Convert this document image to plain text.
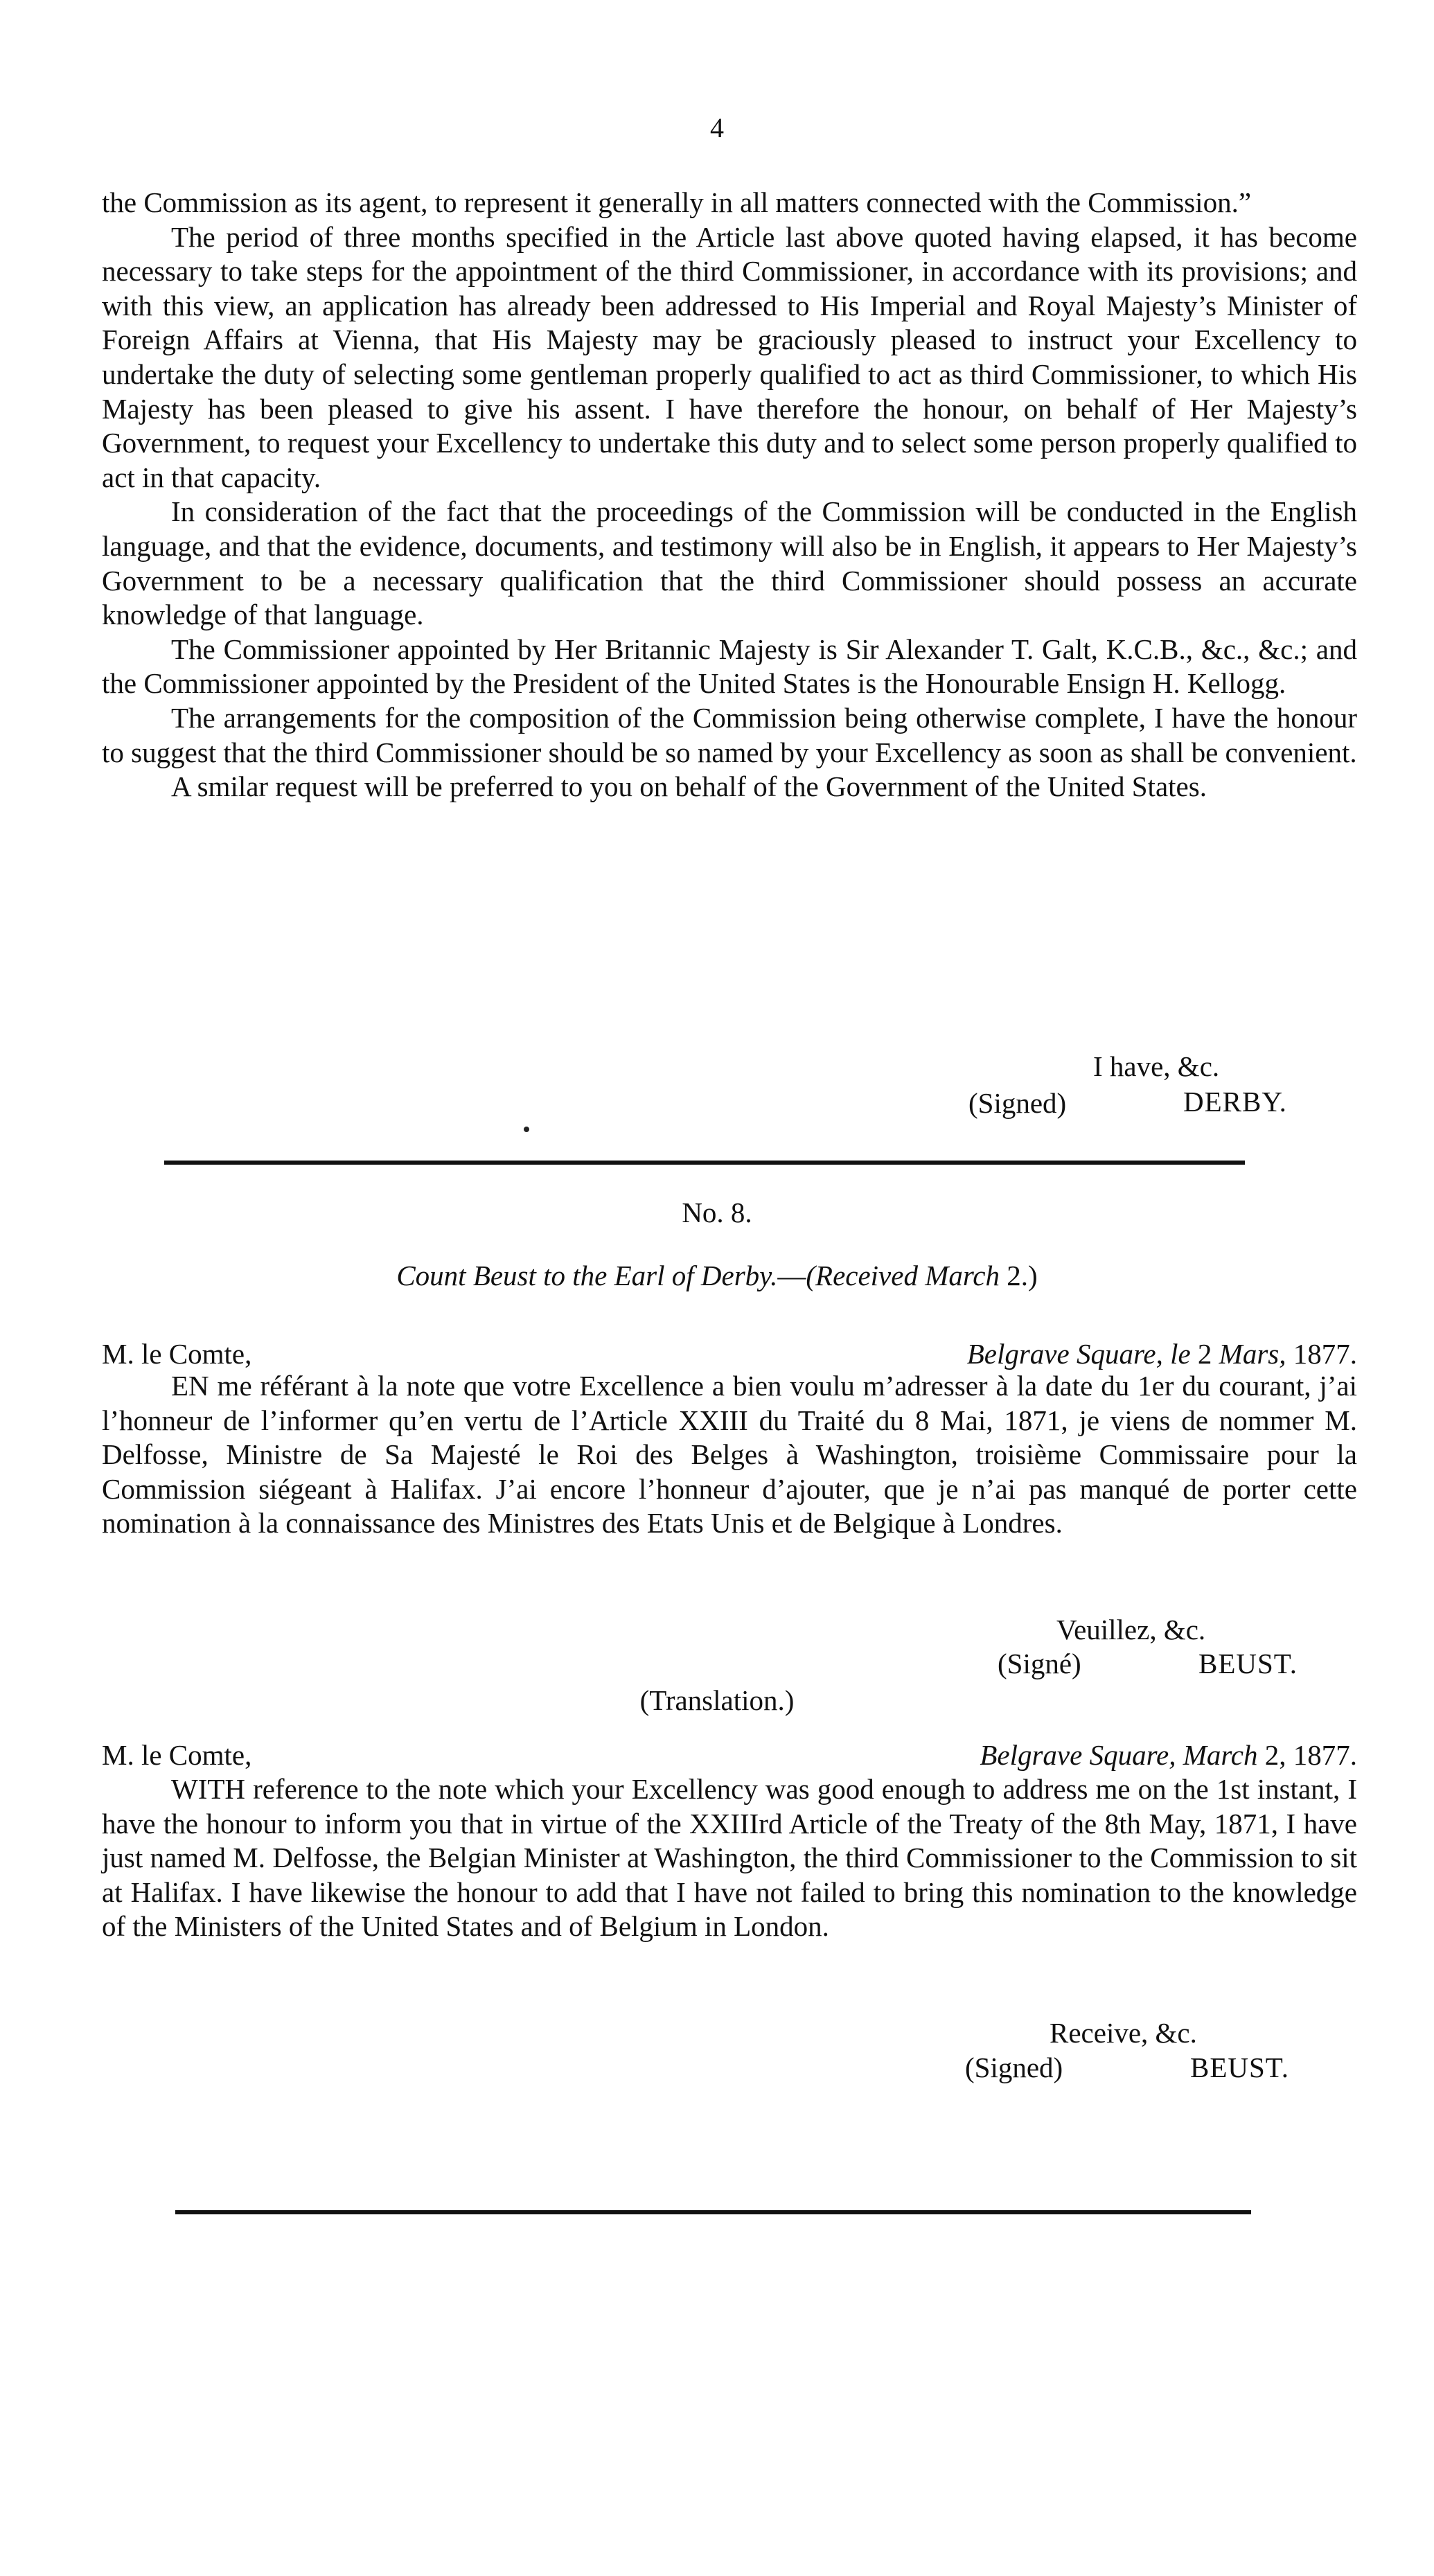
4

the Commission as its agent, to represent it generally in all matters connected with the Commission.”

The period of three months specified in the Article last above quoted having elapsed, it has become necessary to take steps for the appointment of the third Commissioner, in accordance with its provisions; and with this view, an application has already been addressed to His Imperial and Royal Majesty’s Minister of Foreign Affairs at Vienna, that His Majesty may be graciously pleased to instruct your Excellency to undertake the duty of selecting some gentleman properly qualified to act as third Commissioner, to which His Majesty has been pleased to give his assent. I have therefore the honour, on behalf of Her Majesty’s Government, to request your Excellency to undertake this duty and to select some person properly qualified to act in that capacity.

In consideration of the fact that the proceedings of the Commission will be conducted in the English language, and that the evidence, documents, and testimony will also be in English, it appears to Her Majesty’s Government to be a necessary qualification that the third Commissioner should possess an accurate knowledge of that language.

The Commissioner appointed by Her Britannic Majesty is Sir Alexander T. Galt, K.C.B., &c., &c.; and the Commissioner appointed by the President of the United States is the Honourable Ensign H. Kellogg.

The arrangements for the composition of the Commission being otherwise complete, I have the honour to suggest that the third Commissioner should be so named by your Excellency as soon as shall be convenient.

A smilar request will be preferred to you on behalf of the Government of the United States.

I have, &c.
(Signed)	DERBY.
No. 8.
Count Beust to the Earl of Derby.—(Received March 2.)
M. le Comte,	Belgrave Square, le 2 Mars, 1877.

EN me référant à la note que votre Excellence a bien voulu m’adresser à la date du 1er du courant, j’ai l’honneur de l’informer qu’en vertu de l’Article XXIII du Traité du 8 Mai, 1871, je viens de nommer M. Delfosse, Ministre de Sa Majesté le Roi des Belges à Washington, troisième Commissaire pour la Commission siégeant à Halifax. J’ai encore l’honneur d’ajouter, que je n’ai pas manqué de porter cette nomination à la connaissance des Ministres des Etats Unis et de Belgique à Londres.

Veuillez, &c.
(Signé)	BEUST.
(Translation.)
M. le Comte,	Belgrave Square, March 2, 1877.

WITH reference to the note which your Excellency was good enough to address me on the 1st instant, I have the honour to inform you that in virtue of the XXIIIrd Article of the Treaty of the 8th May, 1871, I have just named M. Delfosse, the Belgian Minister at Washington, the third Commissioner to the Commission to sit at Halifax. I have likewise the honour to add that I have not failed to bring this nomination to the knowledge of the Ministers of the United States and of Belgium in London.

Receive, &c.
(Signed)	BEUST.
